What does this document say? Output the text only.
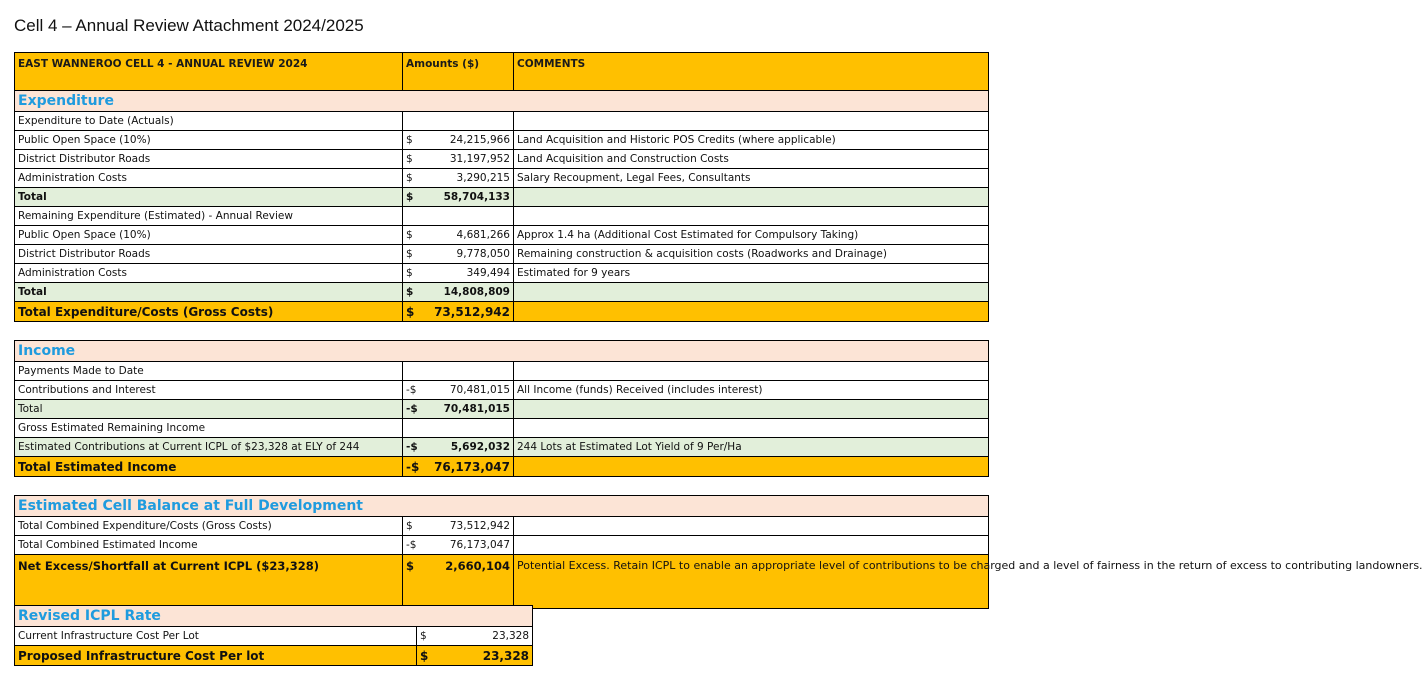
Cell 4 – Annual Review Attachment 2024/2025
EAST WANNEROO CELL 4 - ANNUAL REVIEW 2024	Amounts ($)		COMMENTS
Expenditure			
Expenditure to Date (Actuals)			
Public Open Space (10%)	$	24,215,966	Land Acquisition and Historic POS Credits (where applicable)
District Distributor Roads	$	31,197,952	Land Acquisition and Construction Costs
Administration Costs	$	3,290,215	Salary Recoupment, Legal Fees, Consultants
Total	$	58,704,133	
Remaining Expenditure (Estimated) - Annual Review			
Public Open Space (10%)	$	4,681,266	Approx 1.4 ha (Additional Cost Estimated for Compulsory Taking)
District Distributor Roads	$	9,778,050	Remaining construction & acquisition costs (Roadworks and Drainage)
Administration Costs	$	349,494	Estimated for 9 years
Total	$	14,808,809	
Total Expenditure/Costs (Gross Costs)	$	73,512,942	

Income			
Payments Made to Date			
Contributions and Interest	-$	70,481,015	All Income (funds) Received (includes interest)
Total	-$	70,481,015	
Gross Estimated Remaining Income			
Estimated Contributions at Current ICPL of $23,328 at ELY of 244	-$	5,692,032	244 Lots at Estimated Lot Yield of 9 Per/Ha
Total Estimated Income	-$	76,173,047	

Estimated Cell Balance at Full Development			
Total Combined Expenditure/Costs (Gross Costs)	$	73,512,942	
Total Combined Estimated Income	-$	76,173,047	
Net Excess/Shortfall at Current ICPL ($23,328)	$	2,660,104	Potential Excess. Retain ICPL to enable an appropriate level of contributions to be charged and a level of fairness in the return of excess to contributing landowners.
Revised ICPL Rate		
Current Infrastructure Cost Per Lot	$	23,328
Proposed Infrastructure Cost Per lot	$	23,328
